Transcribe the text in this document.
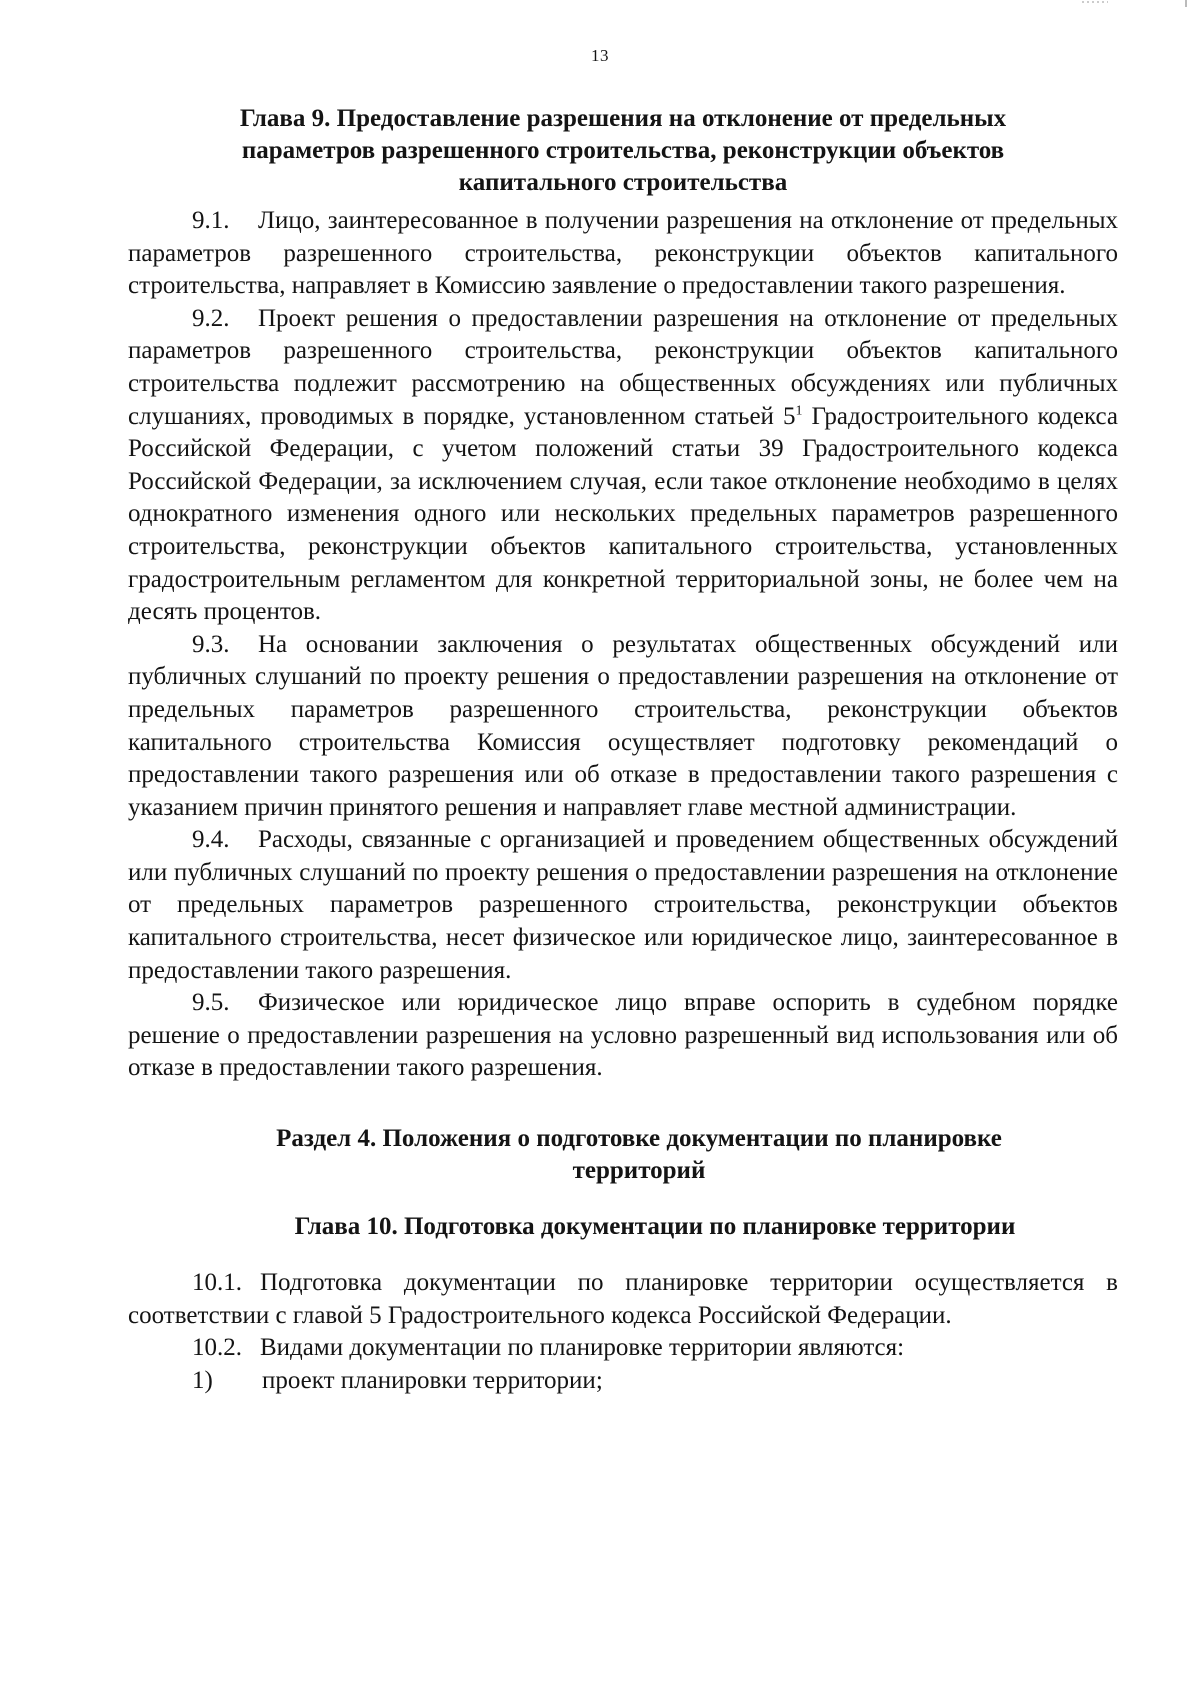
13
Глава 9. Предоставление разрешения на отклонение от предельных параметров разрешенного строительства, реконструкции объектов капитального строительства

9.1. Лицо, заинтересованное в получении разрешения на отклонение от предельных параметров разрешенного строительства, реконструкции объектов капитального строительства, направляет в Комиссию заявление о предоставлении такого разрешения.

9.2. Проект решения о предоставлении разрешения на отклонение от предельных параметров разрешенного строительства, реконструкции объектов капитального строительства подлежит рассмотрению на общественных обсуждениях или публичных слушаниях, проводимых в порядке, установленном статьей $5^1$ Градостроительного кодекса Российской Федерации, с учетом положений статьи 39 Градостроительного кодекса Российской Федерации, за исключением случая, если такое отклонение необходимо в целях однократного изменения одного или нескольких предельных параметров разрешенного строительства, реконструкции объектов капитального строительства, установленных градостроительным регламентом для конкретной территориальной зоны, не более чем на десять процентов.

9.3. На основании заключения о результатах общественных обсуждений или публичных слушаний по проекту решения о предоставлении разрешения на отклонение от предельных параметров разрешенного строительства, реконструкции объектов капитального строительства Комиссия осуществляет подготовку рекомендаций о предоставлении такого разрешения или об отказе в предоставлении такого разрешения с указанием причин принятого решения и направляет главе местной администрации.

9.4. Расходы, связанные с организацией и проведением общественных обсуждений или публичных слушаний по проекту решения о предоставлении разрешения на отклонение от предельных параметров разрешенного строительства, реконструкции объектов капитального строительства, несет физическое или юридическое лицо, заинтересованное в предоставлении такого разрешения.

9.5. Физическое или юридическое лицо вправе оспорить в судебном порядке решение о предоставлении разрешения на условно разрешенный вид использования или об отказе в предоставлении такого разрешения.

Раздел 4. Положения о подготовке документации по планировке территорий
Глава 10. Подготовка документации по планировке территории

10.1. Подготовка документации по планировке территории осуществляется в соответствии с главой 5 Градостроительного кодекса Российской Федерации.

10.2. Видами документации по планировке территории являются:

1) проект планировки территории;
